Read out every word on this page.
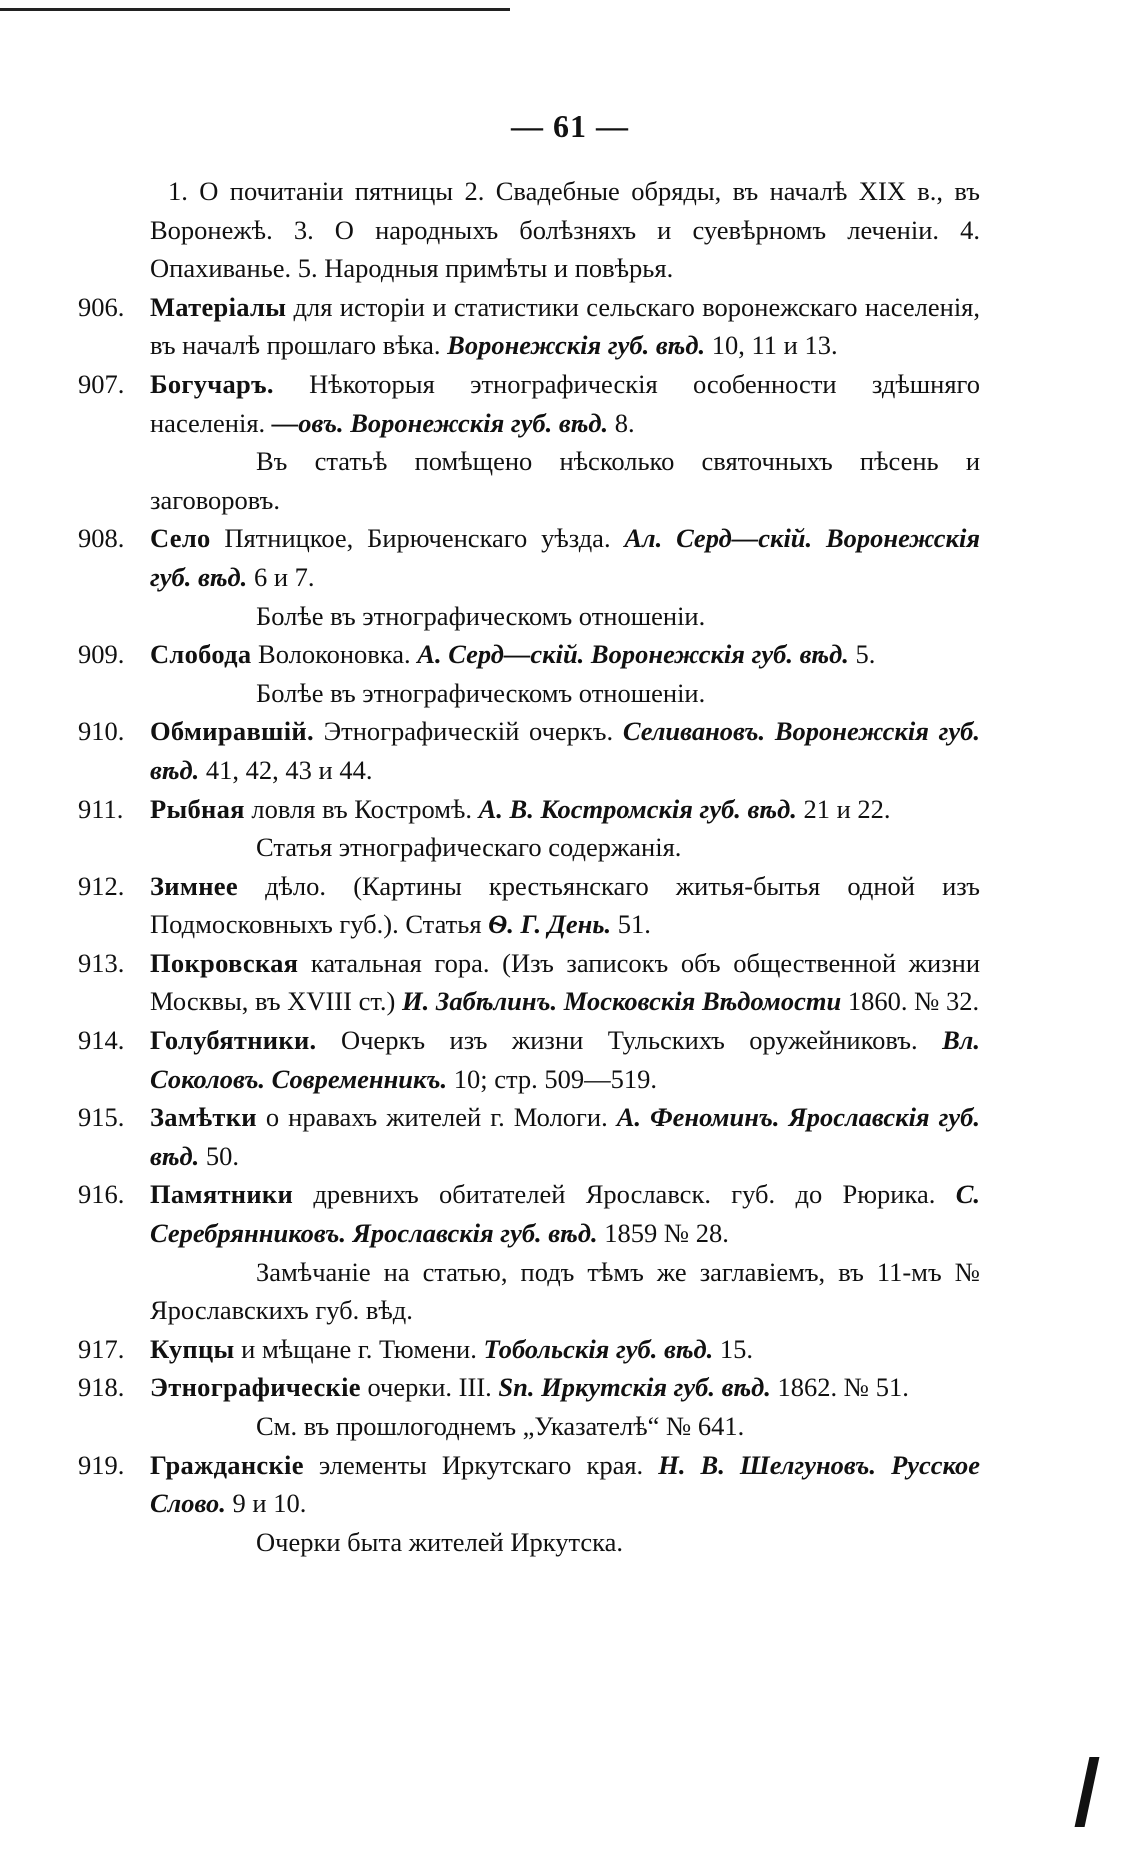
— 61 —

1. О почитанiи пятницы 2. Свадебные обряды, въ началѣ XIX в., въ Воронежѣ. 3. О народныхъ болѣзняхъ и суевѣрномъ леченiи. 4. Опахиванье. 5. Народныя примѣты и повѣрья.

906. Матерiалы для исторiи и статистики сельскаго воронежскаго населенiя, въ началѣ прошлаго вѣка. Воронежскiя губ. вѣд. 10, 11 и 13.

907. Богучаръ. Нѣкоторыя этнографическiя особенности здѣшняго населенiя. —овъ. Воронежскiя губ. вѣд. 8.

Въ статьѣ помѣщено нѣсколько святочныхъ пѣсень и заговоровъ.

908. Село Пятницкое, Бирюченскаго уѣзда. Ал. Серд—скiй. Воронежскiя губ. вѣд. 6 и 7.

Болѣе въ этнографическомъ отношенiи.

909. Слобода Волоконовка. А. Серд—скiй. Воронежскiя губ. вѣд. 5.

Болѣе въ этнографическомъ отношенiи.

910. Обмиравшiй. Этнографическiй очеркъ. Селивановъ. Воронежскiя губ. вѣд. 41, 42, 43 и 44.

911.	Рыбная ловля въ Костромѣ. А. В. Костромскiя губ. вѣд. 21 и 22.

Статья этнографическаго содержанiя.

912. Зимнее дѣло. (Картины крестьянскаго житья-бытья одной изъ Подмосковныхъ губ.). Статья Ѳ. Г. День. 51.

913. Покровская катальная гора. (Изъ записокъ объ общественной жизни Москвы, въ XVIII ст.) И. Забѣлинъ. Московскiя Вѣдомости 1860. № 32.

914. Голубятники. Очеркъ изъ жизни Тульскихъ оружейниковъ. Вл. Соколовъ. Современникъ. 10; стр. 509—519.

915. Замѣтки о нравахъ жителей г. Мологи. А. Феноминъ. Ярославскiя губ. вѣд. 50.

916. Памятники древнихъ обитателей Ярославск. губ. до Рюрика. С. Серебрянниковъ. Ярославскiя губ. вѣд. 1859 № 28.

Замѣчанiе на статью, подъ тѣмъ же заглавiемъ, въ 11-мъ № Ярославскихъ губ. вѣд.

917. Купцы и мѣщане г. Тюмени. Тобольскiя губ. вѣд. 15.

918. Этнографическiе очерки. III. Sп. Иркутскiя губ. вѣд. 1862. № 51.

См. въ прошлогоднемъ „Указателѣ“ № 641.

919. Гражданскiе элементы Иркутскаго края. Н. В. Шелгуновъ. Русское Слово. 9 и 10.

Очерки быта жителей Иркутска.
